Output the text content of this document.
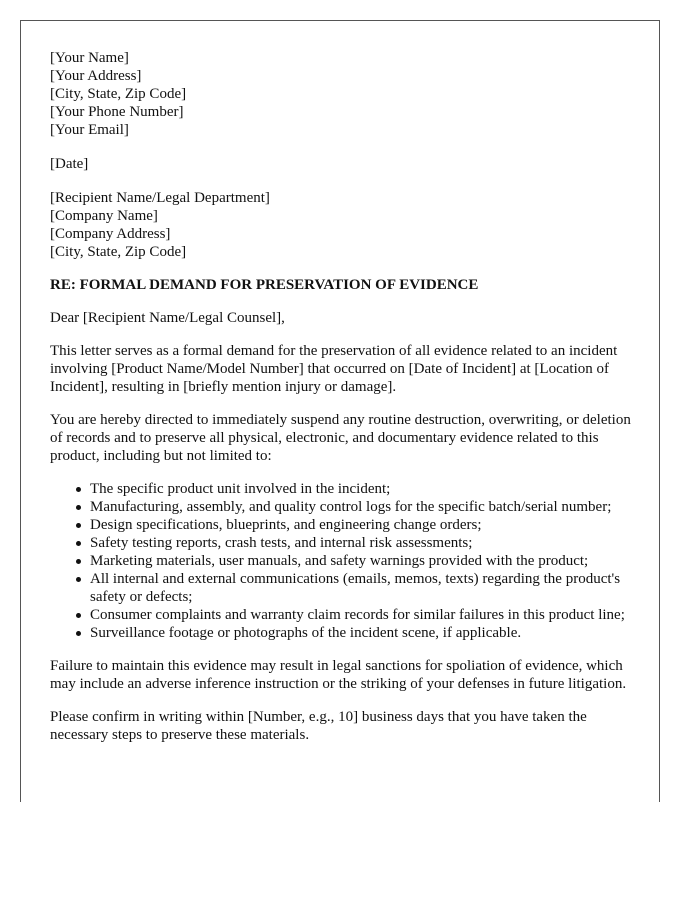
[Your Name]
[Your Address]
[City, State, Zip Code]
[Your Phone Number]
[Your Email]
[Date]
[Recipient Name/Legal Department]
[Company Name]
[Company Address]
[City, State, Zip Code]
RE: FORMAL DEMAND FOR PRESERVATION OF EVIDENCE

Dear [Recipient Name/Legal Counsel],

This letter serves as a formal demand for the preservation of all evidence related to an incident involving [Product Name/Model Number] that occurred on [Date of Incident] at [Location of Incident], resulting in [briefly mention injury or damage].

You are hereby directed to immediately suspend any routine destruction, overwriting, or deletion of records and to preserve all physical, electronic, and documentary evidence related to this product, including but not limited to:

The specific product unit involved in the incident;
Manufacturing, assembly, and quality control logs for the specific batch/serial number;
Design specifications, blueprints, and engineering change orders;
Safety testing reports, crash tests, and internal risk assessments;
Marketing materials, user manuals, and safety warnings provided with the product;
All internal and external communications (emails, memos, texts) regarding the product's safety or defects;
Consumer complaints and warranty claim records for similar failures in this product line;
Surveillance footage or photographs of the incident scene, if applicable.

Failure to maintain this evidence may result in legal sanctions for spoliation of evidence, which may include an adverse inference instruction or the striking of your defenses in future litigation.

Please confirm in writing within [Number, e.g., 10] business days that you have taken the necessary steps to preserve these materials.
